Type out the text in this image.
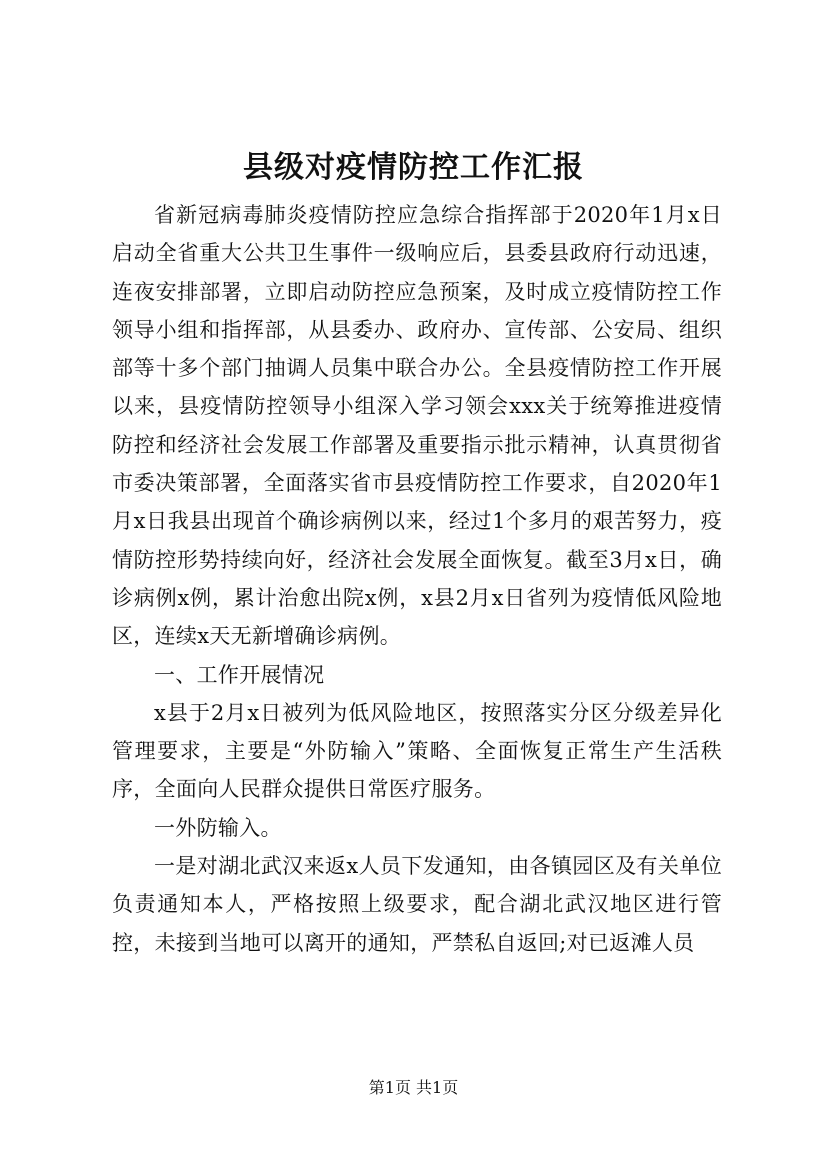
县级对疫情防控工作汇报

省新冠病毒肺炎疫情防控应急综合指挥部于2020年1月x日启动全省重大公共卫生事件一级响应后，县委县政府行动迅速，连夜安排部署，立即启动防控应急预案，及时成立疫情防控工作领导小组和指挥部，从县委办、政府办、宣传部、公安局、组织部等十多个部门抽调人员集中联合办公。全县疫情防控工作开展以来，县疫情防控领导小组深入学习领会xxx关于统筹推进疫情防控和经济社会发展工作部署及重要指示批示精神，认真贯彻省市委决策部署，全面落实省市县疫情防控工作要求，自2020年1月x日我县出现首个确诊病例以来，经过1个多月的艰苦努力，疫情防控形势持续向好，经济社会发展全面恢复。截至3月x日，确诊病例x例，累计治愈出院x例，x县2月x日省列为疫情低风险地区，连续x天无新增确诊病例。

一、工作开展情况

x县于2月x日被列为低风险地区，按照落实分区分级差异化管理要求，主要是“外防输入”策略、全面恢复正常生产生活秩序，全面向人民群众提供日常医疗服务。

一外防输入。

一是对湖北武汉来返x人员下发通知，由各镇园区及有关单位负责通知本人，严格按照上级要求，配合湖北武汉地区进行管控，未接到当地可以离开的通知，严禁私自返回;对已返滩人员

第1页 共1页
